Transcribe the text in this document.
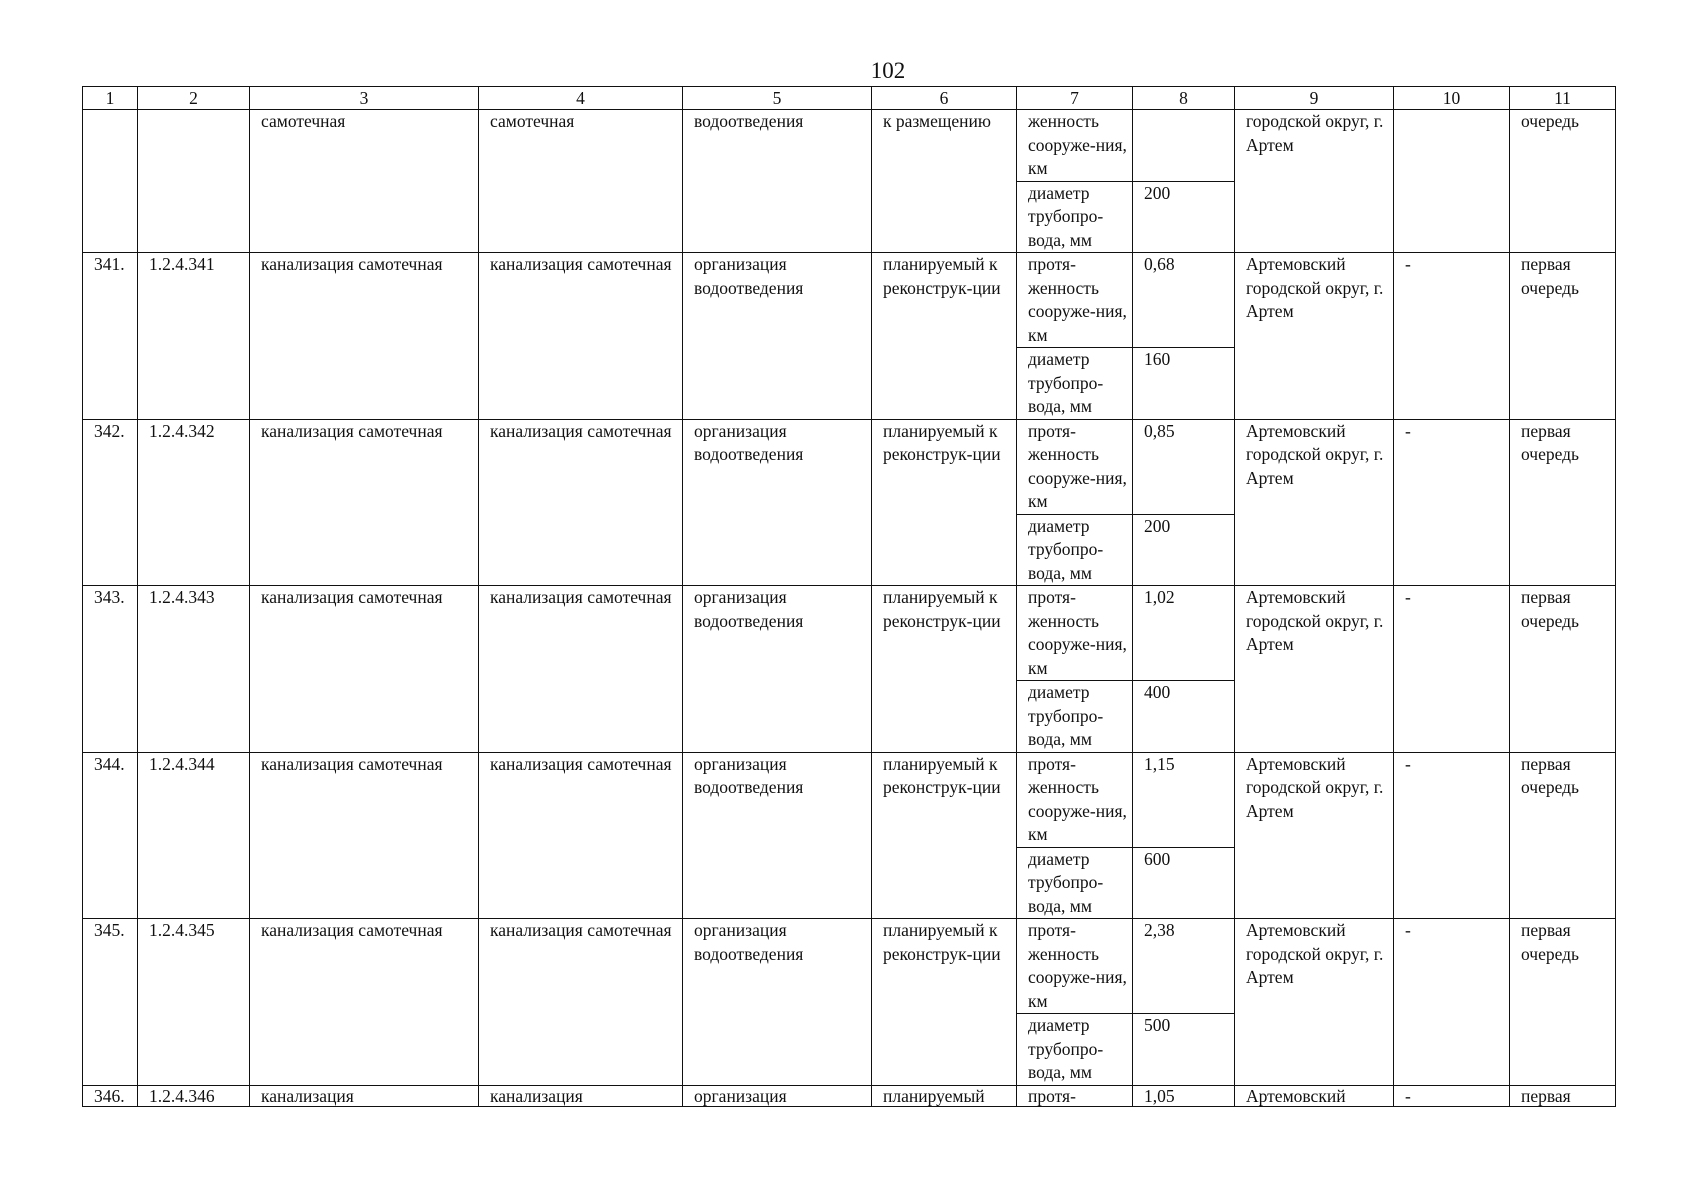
102
1	2	3	4	5	6	7	8	9	10	11
		самотечная	самотечная	водоотведения	к размещению	женность сооруже-ния, км		городской округ, г. Артем		очередь
						диаметр трубопро-вода, мм	200			
341.	1.2.4.341	канализация самотечная	канализация самотечная	организация водоотведения	планируемый к реконструк-ции	протя-женность сооруже-ния, км	0,68	Артемовский городской округ, г. Артем	-	первая очередь
						диаметр трубопро-вода, мм	160			
342.	1.2.4.342	канализация самотечная	канализация самотечная	организация водоотведения	планируемый к реконструк-ции	протя-женность сооруже-ния, км	0,85	Артемовский городской округ, г. Артем	-	первая очередь
						диаметр трубопро-вода, мм	200			
343.	1.2.4.343	канализация самотечная	канализация самотечная	организация водоотведения	планируемый к реконструк-ции	протя-женность сооруже-ния, км	1,02	Артемовский городской округ, г. Артем	-	первая очередь
						диаметр трубопро-вода, мм	400			
344.	1.2.4.344	канализация самотечная	канализация самотечная	организация водоотведения	планируемый к реконструк-ции	протя-женность сооруже-ния, км	1,15	Артемовский городской округ, г. Артем	-	первая очередь
						диаметр трубопро-вода, мм	600			
345.	1.2.4.345	канализация самотечная	канализация самотечная	организация водоотведения	планируемый к реконструк-ции	протя-женность сооруже-ния, км	2,38	Артемовский городской округ, г. Артем	-	первая очередь
						диаметр трубопро-вода, мм	500			
346.	1.2.4.346	канализация	канализация	организация	планируемый	протя-	1,05	Артемовский	-	первая
